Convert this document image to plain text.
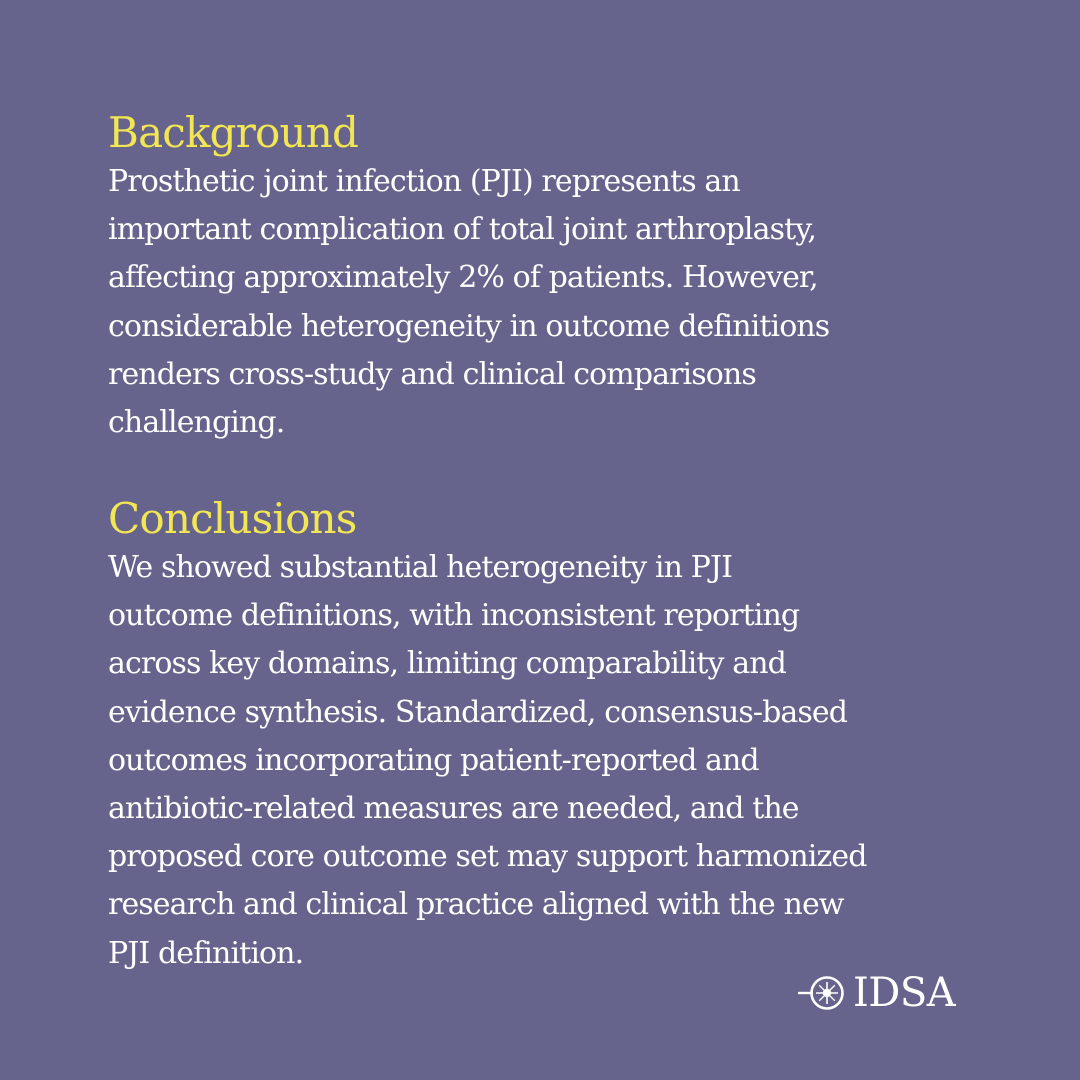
Background

Prosthetic joint infection (PJI) represents an
important complication of total joint arthroplasty,
affecting approximately 2% of patients. However,
considerable heterogeneity in outcome definitions
renders cross-study and clinical comparisons
challenging.

Conclusions

We showed substantial heterogeneity in PJI
outcome definitions, with inconsistent reporting
across key domains, limiting comparability and
evidence synthesis. Standardized, consensus-based
outcomes incorporating patient-reported and
antibiotic-related measures are needed, and the
proposed core outcome set may support harmonized
research and clinical practice aligned with the new
PJI definition.

IDSA
